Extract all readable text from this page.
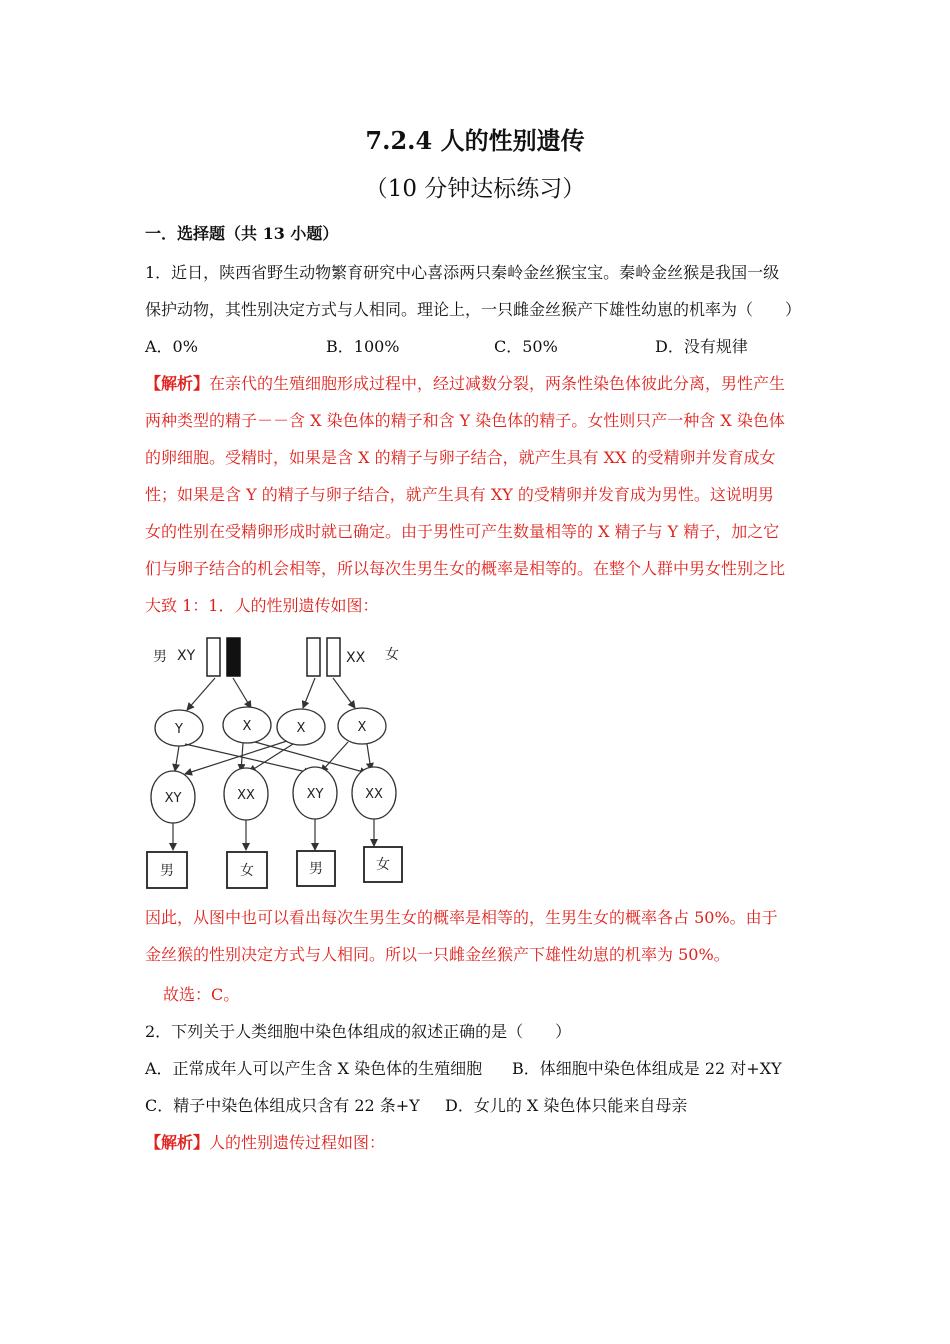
7.2.4 人的性别遗传
（10 分钟达标练习）
一．选择题（共 13 小题）
1．近日，陕西省野生动物繁育研究中心喜添两只秦岭金丝猴宝宝。秦岭金丝猴是我国一级
保护动物，其性别决定方式与人相同。理论上，一只雌金丝猴产下雄性幼崽的机率为（　　）
A．0%	B．100%	C．50%	D．没有规律
【解析】在亲代的生殖细胞形成过程中，经过减数分裂，两条性染色体彼此分离，男性产生
两种类型的精子－－含 X 染色体的精子和含 Y 染色体的精子。女性则只产一种含 X 染色体
的卵细胞。受精时，如果是含 X 的精子与卵子结合，就产生具有 XX 的受精卵并发育成女
性；如果是含 Y 的精子与卵子结合，就产生具有 XY 的受精卵并发育成为男性。这说明男
女的性别在受精卵形成时就已确定。由于男性可产生数量相等的 X 精子与 Y 精子，加之它
们与卵子结合的机会相等，所以每次生男生女的概率是相等的。在整个人群中男女性别之比
大致 1：1．人的性别遗传如图：
男 XY	XX 女
Y	X	X	X
XY	XX	XY	XX
男	女	男	女
因此，从图中也可以看出每次生男生女的概率是相等的，生男生女的概率各占 50%。由于
金丝猴的性别决定方式与人相同。所以一只雌金丝猴产下雄性幼崽的机率为 50%。
故选：C。
2．下列关于人类细胞中染色体组成的叙述正确的是（　　）
A．正常成年人可以产生含 X 染色体的生殖细胞 B．体细胞中染色体组成是 22 对+XY
C．精子中染色体组成只含有 22 条+Y D．女儿的 X 染色体只能来自母亲
【解析】人的性别遗传过程如图：
